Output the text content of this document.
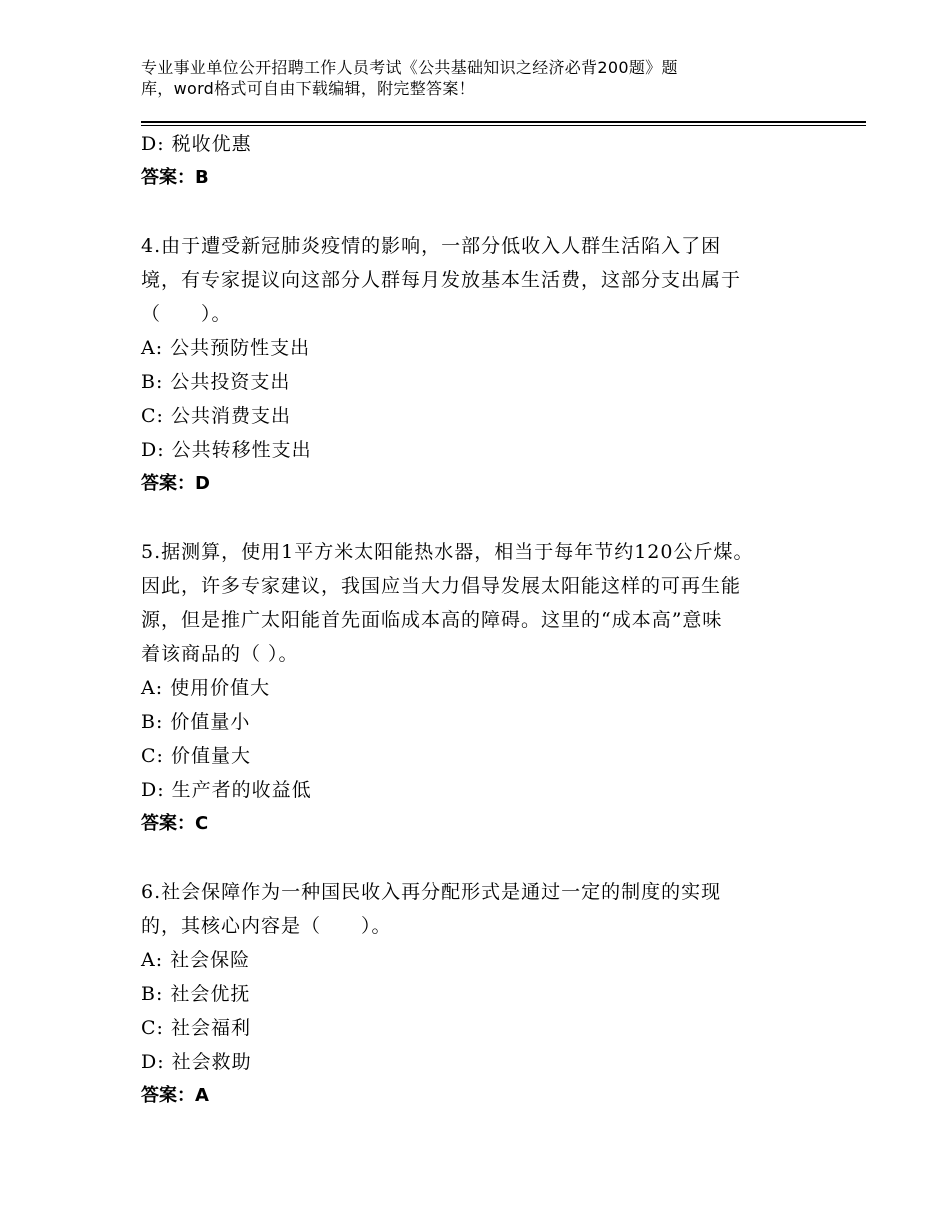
专业事业单位公开招聘工作人员考试《公共基础知识之经济必背200题》题
库，word格式可自由下载编辑，附完整答案！
D: 税收优惠
答案：B
4.由于遭受新冠肺炎疫情的影响，一部分低收入人群生活陷入了困
境，有专家提议向这部分人群每月发放基本生活费，这部分支出属于
（　　）。
A: 公共预防性支出
B: 公共投资支出
C: 公共消费支出
D: 公共转移性支出
答案：D
5.据测算，使用1平方米太阳能热水器，相当于每年节约120公斤煤。
因此，许多专家建议，我国应当大力倡导发展太阳能这样的可再生能
源，但是推广太阳能首先面临成本高的障碍。这里的“成本高”意味
着该商品的（ ）。
A: 使用价值大
B: 价值量小
C: 价值量大
D: 生产者的收益低
答案：C
6.社会保障作为一种国民收入再分配形式是通过一定的制度的实现
的，其核心内容是（　　）。
A: 社会保险
B: 社会优抚
C: 社会福利
D: 社会救助
答案：A
